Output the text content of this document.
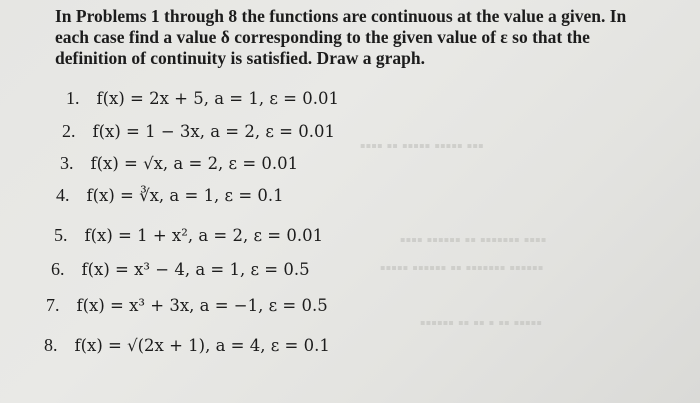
▪▪▪ ▪▪▪▪▪ ▪▪▪▪▪ ▪▪ ▪▪▪▪
▪▪▪▪ ▪▪▪▪▪▪▪ ▪▪ ▪▪▪▪▪▪ ▪▪▪▪
▪▪▪▪▪▪ ▪▪▪▪▪▪▪ ▪▪ ▪▪▪▪▪▪ ▪▪▪▪▪
▪▪▪▪▪ ▪▪ ▪ ▪▪ ▪▪ ▪▪▪▪▪▪
In Problems 1 through 8 the functions are continuous at the value a given. In
each case find a value δ corresponding to the given value of ε so that the
definition of continuity is satisfied. Draw a graph.
1. f(x) = 2x + 5, a = 1, ε = 0.01
2. f(x) = 1 − 3x, a = 2, ε = 0.01
3. f(x) = √x, a = 2, ε = 0.01
4. f(x) = ∛x, a = 1, ε = 0.1
5. f(x) = 1 + x², a = 2, ε = 0.01
6. f(x) = x³ − 4, a = 1, ε = 0.5
7. f(x) = x³ + 3x, a = −1, ε = 0.5
8. f(x) = √(2x + 1), a = 4, ε = 0.1
